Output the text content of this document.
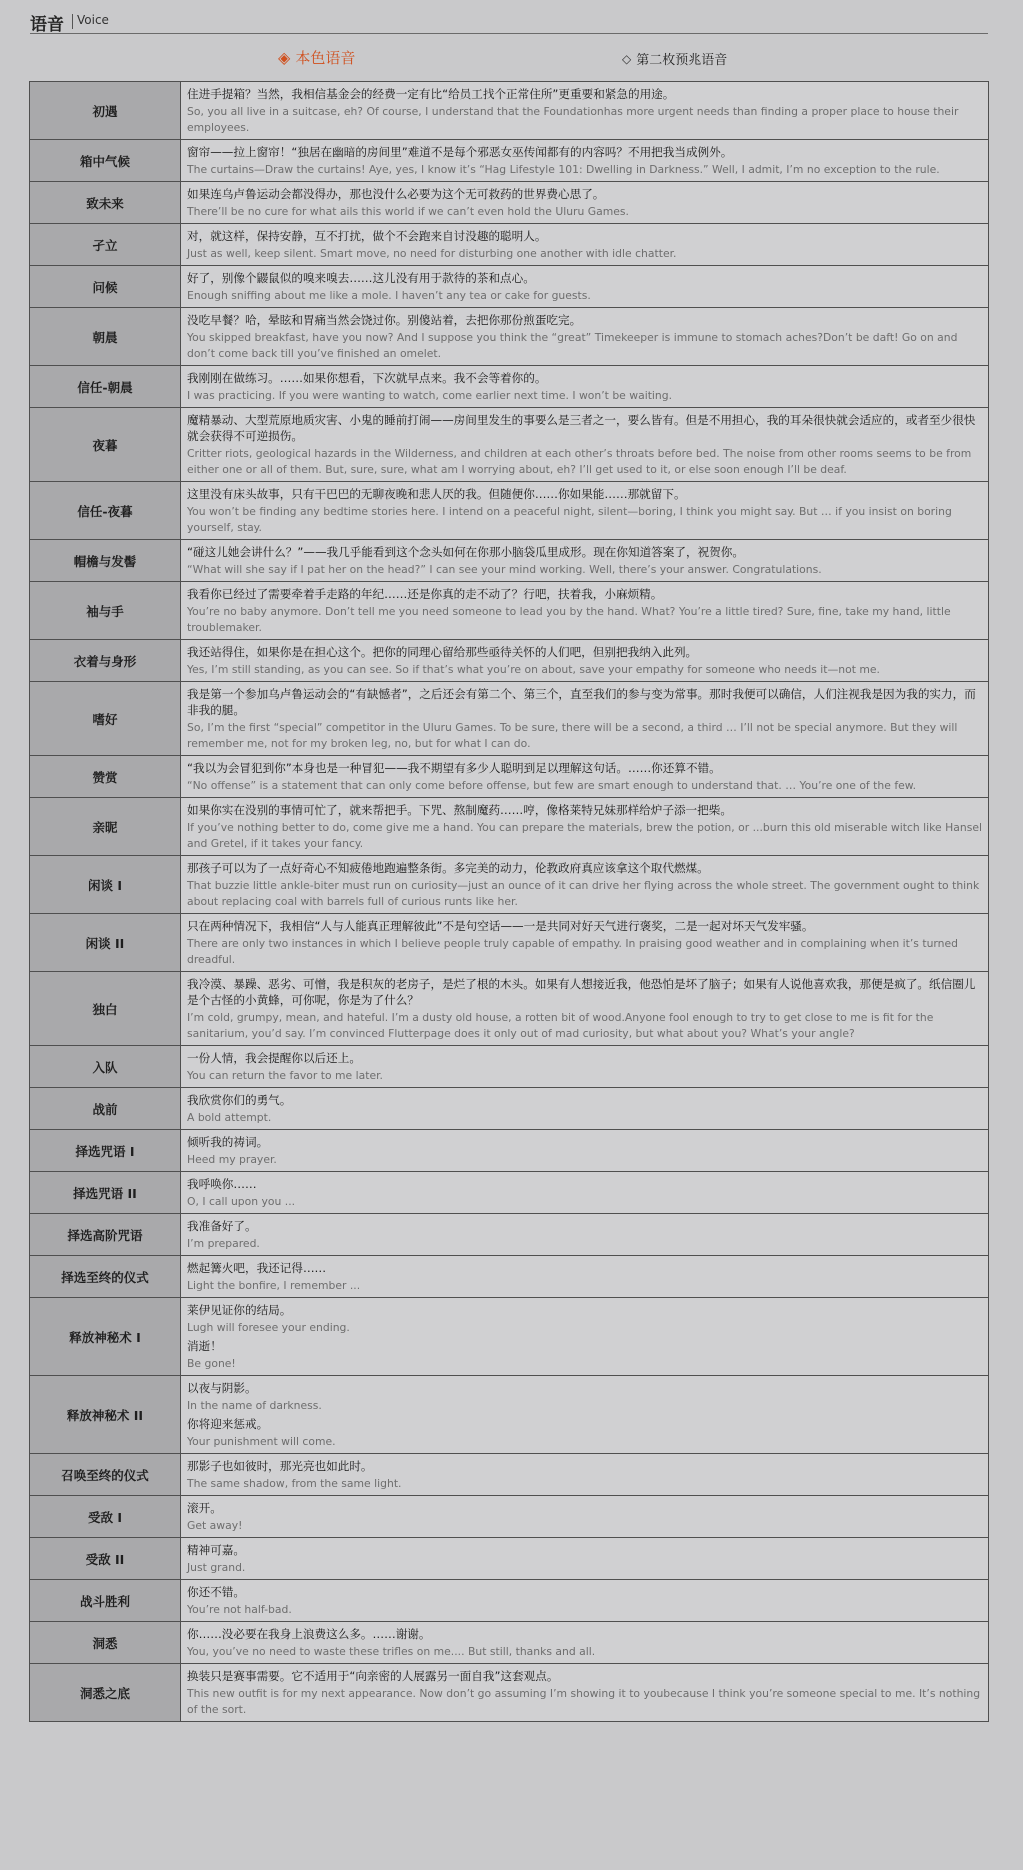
语音 Voice
◈ 本色语音	◇ 第二枚预兆语音
初遇	住进手提箱？当然，我相信基金会的经费一定有比“给员工找个正常住所”更重要和紧急的用途。
So, you all live in a suitcase, eh? Of course, I understand that the Foundationhas more urgent needs than finding a proper place to house their employees.

箱中气候	窗帘——拉上窗帘！“独居在幽暗的房间里”难道不是每个邪恶女巫传闻都有的内容吗？不用把我当成例外。
The curtains—Draw the curtains! Aye, yes, I know it’s “Hag Lifestyle 101: Dwelling in Darkness.” Well, I admit, I’m no exception to the rule.

致未来	如果连乌卢鲁运动会都没得办，那也没什么必要为这个无可救药的世界费心思了。
There’ll be no cure for what ails this world if we can’t even hold the Uluru Games.

孑立	对，就这样，保持安静，互不打扰，做个不会跑来自讨没趣的聪明人。
Just as well, keep silent. Smart move, no need for disturbing one another with idle chatter.

问候	好了，别像个鼹鼠似的嗅来嗅去……这儿没有用于款待的茶和点心。
Enough sniffing about me like a mole. I haven’t any tea or cake for guests.

朝晨	没吃早餐？哈，晕眩和胃痛当然会饶过你。别傻站着，去把你那份煎蛋吃完。
You skipped breakfast, have you now? And I suppose you think the “great” Timekeeper is immune to stomach aches?Don’t be daft! Go on and don’t come back till you’ve finished an omelet.

信任-朝晨	我刚刚在做练习。……如果你想看，下次就早点来。我不会等着你的。
I was practicing. If you were wanting to watch, come earlier next time. I won’t be waiting.

夜暮	魔精暴动、大型荒原地质灾害、小鬼的睡前打闹——房间里发生的事要么是三者之一，要么皆有。但是不用担心，我的耳朵很快就会适应的，或者至少很快就会获得不可逆损伤。
Critter riots, geological hazards in the Wilderness, and children at each other’s throats before bed. The noise from other rooms seems to be from either one or all of them. But, sure, sure, what am I worrying about, eh? I’ll get used to it, or else soon enough I’ll be deaf.

信任-夜暮	这里没有床头故事，只有干巴巴的无聊夜晚和悲人厌的我。但随便你……你如果能……那就留下。
You won’t be finding any bedtime stories here. I intend on a peaceful night, silent—boring, I think you might say. But … if you insist on boring yourself, stay.

帽檐与发髻	“碰这儿她会讲什么？”——我几乎能看到这个念头如何在你那小脑袋瓜里成形。现在你知道答案了，祝贺你。
“What will she say if I pat her on the head?” I can see your mind working. Well, there’s your answer. Congratulations.

袖与手	我看你已经过了需要牵着手走路的年纪……还是你真的走不动了？行吧，扶着我，小麻烦精。
You’re no baby anymore. Don’t tell me you need someone to lead you by the hand. What? You’re a little tired? Sure, fine, take my hand, little troublemaker.

衣着与身形	我还站得住，如果你是在担心这个。把你的同理心留给那些亟待关怀的人们吧，但别把我纳入此列。
Yes, I’m still standing, as you can see. So if that’s what you’re on about, save your empathy for someone who needs it—not me.

嗜好	我是第一个参加乌卢鲁运动会的“有缺憾者”，之后还会有第二个、第三个，直至我们的参与变为常事。那时我便可以确信，人们注视我是因为我的实力，而非我的腿。
So, I’m the first “special” competitor in the Uluru Games. To be sure, there will be a second, a third … I’ll not be special anymore. But they will remember me, not for my broken leg, no, but for what I can do.

赞赏	“我以为会冒犯到你”本身也是一种冒犯——我不期望有多少人聪明到足以理解这句话。……你还算不错。
“No offense” is a statement that can only come before offense, but few are smart enough to understand that. … You’re one of the few.

亲昵	如果你实在没别的事情可忙了，就来帮把手。下咒、熬制魔药……哼，像格莱特兄妹那样给炉子添一把柴。
If you’ve nothing better to do, come give me a hand. You can prepare the materials, brew the potion, or ...burn this old miserable witch like Hansel and Gretel, if it takes your fancy.

闲谈 I	那孩子可以为了一点好奇心不知疲倦地跑遍整条街。多完美的动力，伦教政府真应该拿这个取代燃煤。
That buzzie little ankle-biter must run on curiosity—just an ounce of it can drive her flying across the whole street. The government ought to think about replacing coal with barrels full of curious runts like her.

闲谈 II	只在两种情况下，我相信“人与人能真正理解彼此”不是句空话——一是共同对好天气进行褒奖，二是一起对坏天气发牢骚。
There are only two instances in which I believe people truly capable of empathy. In praising good weather and in complaining when it’s turned dreadful.

独白	我冷漠、暴躁、恶劣、可憎，我是积灰的老房子，是烂了根的木头。如果有人想接近我，他恐怕是坏了脑子；如果有人说他喜欢我，那便是疯了。纸信圈儿是个古怪的小黄蜂，可你呢，你是为了什么？
I’m cold, grumpy, mean, and hateful. I’m a dusty old house, a rotten bit of wood.Anyone fool enough to try to get close to me is fit for the sanitarium, you’d say. I’m convinced Flutterpage does it only out of mad curiosity, but what about you? What’s your angle?

入队	一份人情，我会提醒你以后还上。
You can return the favor to me later.

战前	我欣赏你们的勇气。
A bold attempt.

择选咒语 I	倾听我的祷词。
Heed my prayer.

择选咒语 II	我呼唤你……
O, I call upon you ...

择选高阶咒语	我准备好了。
I’m prepared.

择选至终的仪式	燃起篝火吧，我还记得……
Light the bonfire, I remember ...

释放神秘术 I	莱伊见证你的结局。
Lugh will foresee your ending.
消逝！
Be gone!

释放神秘术 II	以夜与阴影。
In the name of darkness.
你将迎来惩戒。
Your punishment will come.

召唤至终的仪式	那影子也如彼时，那光亮也如此时。
The same shadow, from the same light.

受敌 I	滚开。
Get away!

受敌 II	精神可嘉。
Just grand.

战斗胜利	你还不错。
You’re not half-bad.

洞悉	你……没必要在我身上浪费这么多。……谢谢。
You, you’ve no need to waste these trifles on me.... But still, thanks and all.

洞悉之底	换装只是赛事需要。它不适用于“向亲密的人展露另一面自我”这套观点。
This new outfit is for my next appearance. Now don’t go assuming I’m showing it to youbecause I think you’re someone special to me. It’s nothing of the sort.
